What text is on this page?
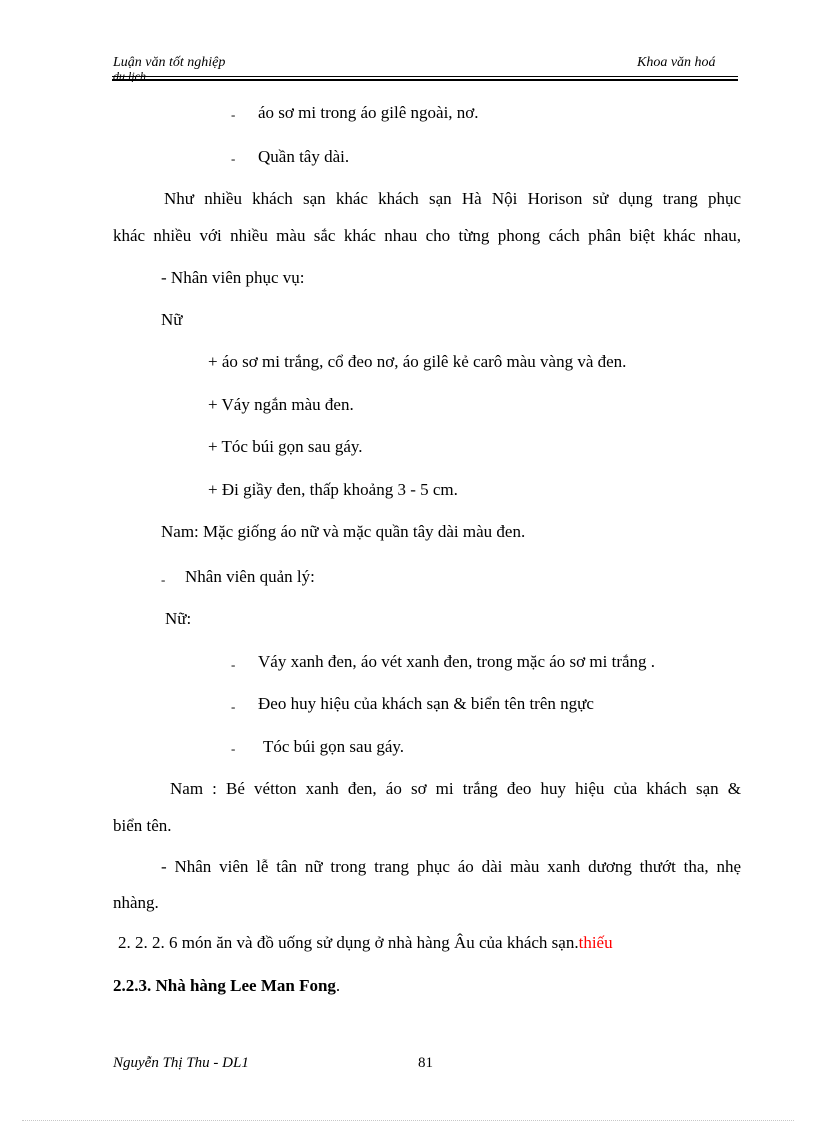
Luận văn tốt nghiệp
du lịch
Khoa văn hoá
- áo sơ mi trong áo gilê ngoài, nơ.
- Quần tây dài.
Như nhiều khách sạn khác khách sạn Hà Nội Horison sử dụng trang phục
khác nhiều với nhiều màu sắc khác nhau cho từng phong cách phân biệt khác nhau,
- Nhân viên phục vụ:
Nữ
+ áo sơ mi trắng, cổ đeo nơ, áo gilê kẻ carô màu vàng và đen.
+ Váy ngắn màu đen.
+ Tóc búi gọn sau gáy.
+ Đi giầy đen, thấp khoảng 3 - 5 cm.
Nam: Mặc giống áo nữ và mặc quần tây dài màu đen.
- Nhân viên quản lý:
Nữ:
- Váy xanh đen, áo vét xanh đen, trong mặc áo sơ mi trắng .
- Đeo huy hiệu của khách sạn & biển tên trên ngực
- Tóc búi gọn sau gáy.
Nam : Bé vétton xanh đen, áo sơ mi trắng đeo huy hiệu của khách sạn &
biển tên.
- Nhân viên lễ tân nữ trong trang phục áo dài màu xanh dương thướt tha, nhẹ
nhàng.
2. 2. 2. 6 món ăn và đồ uống sử dụng ở nhà hàng Âu của khách sạn.thiếu
2.2.3. Nhà hàng Lee Man Fong.
Nguyễn Thị Thu - DL1	81
